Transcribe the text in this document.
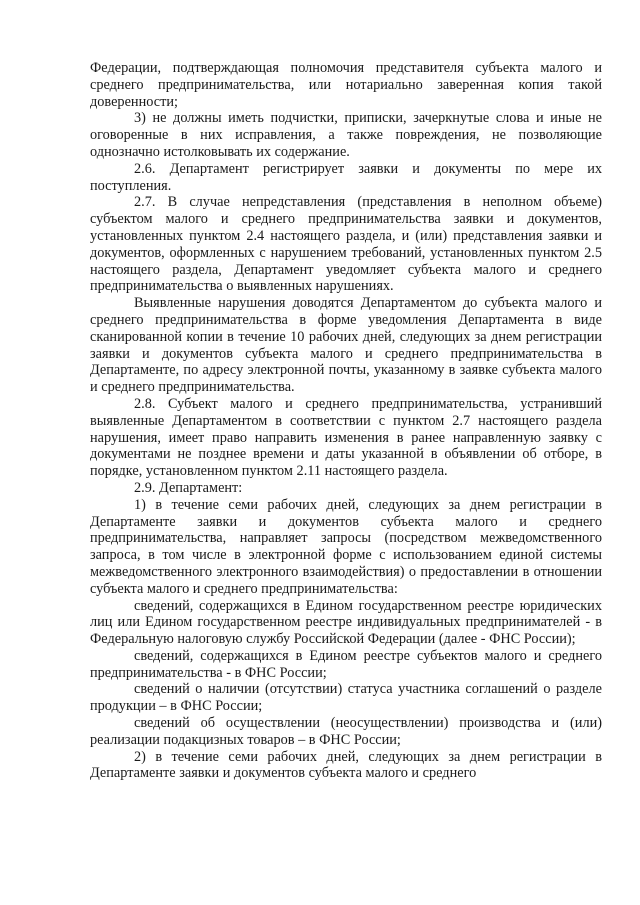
Федерации, подтверждающая полномочия представителя субъекта малого и среднего предпринимательства, или нотариально заверенная копия такой доверенности;

3) не должны иметь подчистки, приписки, зачеркнутые слова и иные не оговоренные в них исправления, а также повреждения, не позволяющие однозначно истолковывать их содержание.

2.6. Департамент регистрирует заявки и документы по мере их поступления.

2.7. В случае непредставления (представления в неполном объеме) субъектом малого и среднего предпринимательства заявки и документов, установленных пунктом 2.4 настоящего раздела, и (или) представления заявки и документов, оформленных с нарушением требований, установленных пунктом 2.5 настоящего раздела, Департамент уведомляет субъекта малого и среднего предпринимательства о выявленных нарушениях.

Выявленные нарушения доводятся Департаментом до субъекта малого и среднего предпринимательства в форме уведомления Департамента в виде сканированной копии в течение 10 рабочих дней, следующих за днем регистрации заявки и документов субъекта малого и среднего предпринимательства в Департаменте, по адресу электронной почты, указанному в заявке субъекта малого и среднего предпринимательства.

2.8. Субъект малого и среднего предпринимательства, устранивший выявленные Департаментом в соответствии с пунктом 2.7 настоящего раздела нарушения, имеет право направить изменения в ранее направленную заявку с документами не позднее времени и даты указанной в объявлении об отборе, в порядке, установленном пунктом 2.11 настоящего раздела.

2.9. Департамент:

1) в течение семи рабочих дней, следующих за днем регистрации в Департаменте заявки и документов субъекта малого и среднего предпринимательства, направляет запросы (посредством межведомственного запроса, в том числе в электронной форме с использованием единой системы межведомственного электронного взаимодействия) о предоставлении в отношении субъекта малого и среднего предпринимательства:

сведений, содержащихся в Едином государственном реестре юридических лиц или Едином государственном реестре индивидуальных предпринимателей - в Федеральную налоговую службу Российской Федерации (далее - ФНС России);

сведений, содержащихся в Едином реестре субъектов малого и среднего предпринимательства - в ФНС России;

сведений о наличии (отсутствии) статуса участника соглашений о разделе продукции – в ФНС России;

сведений об осуществлении (неосуществлении) производства и (или) реализации подакцизных товаров – в ФНС России;

2) в течение семи рабочих дней, следующих за днем регистрации в Департаменте заявки и документов субъекта малого и среднего
